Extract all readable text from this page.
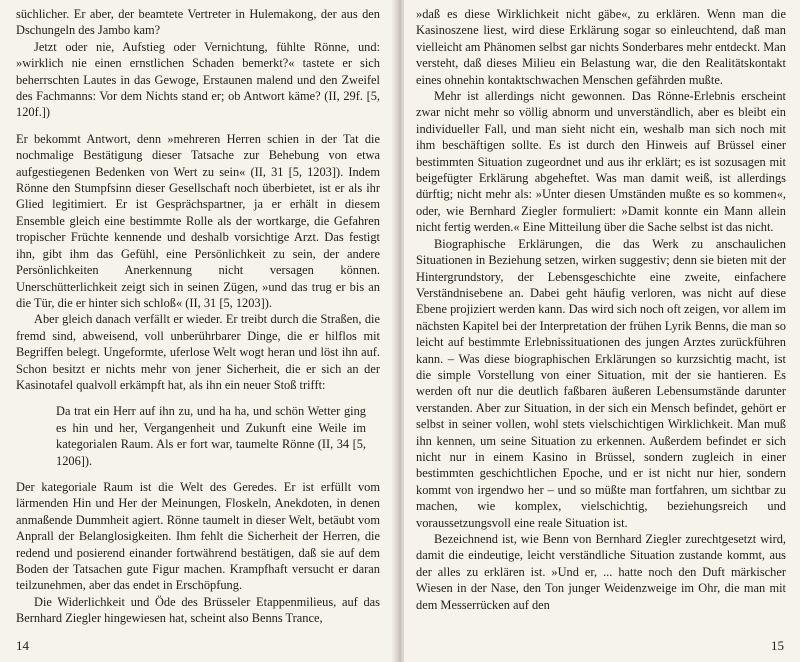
süchlicher. Er aber, der beamtete Vertreter in Hulemakong, der aus den Dschungeln des Jambo kam?

Jetzt oder nie, Aufstieg oder Vernichtung, fühlte Rönne, und: »wirklich nie einen ernstlichen Schaden bemerkt?« tastete er sich beherrschten Lautes in das Gewoge, Erstaunen malend und den Zweifel des Fachmanns: Vor dem Nichts stand er; ob Antwort käme? (II, 29f. [5, 120f.])

Er bekommt Antwort, denn »mehreren Herren schien in der Tat die nochmalige Bestätigung dieser Tatsache zur Behebung von etwa aufgestiegenen Bedenken von Wert zu sein« (II, 31 [5, 1203]). Indem Rönne den Stumpfsinn dieser Gesellschaft noch überbietet, ist er als ihr Glied legitimiert. Er ist Gesprächspartner, ja er erhält in diesem Ensemble gleich eine bestimmte Rolle als der wortkarge, die Gefahren tropischer Früchte kennende und deshalb vorsichtige Arzt. Das festigt ihn, gibt ihm das Gefühl, eine Persönlichkeit zu sein, der andere Persönlichkeiten Anerkennung nicht versagen können. Unerschütterlichkeit zeigt sich in seinen Zügen, »und das trug er bis an die Tür, die er hinter sich schloß« (II, 31 [5, 1203]).

Aber gleich danach verfällt er wieder. Er treibt durch die Straßen, die fremd sind, abweisend, voll unberührbarer Dinge, die er hilflos mit Begriffen belegt. Ungeformte, uferlose Welt wogt heran und löst ihn auf. Schon besitzt er nichts mehr von jener Sicherheit, die er sich an der Kasinotafel qualvoll erkämpft hat, als ihn ein neuer Stoß trifft:

Da trat ein Herr auf ihn zu, und ha ha, und schön Wetter ging es hin und her, Vergangenheit und Zukunft eine Weile im kategorialen Raum. Als er fort war, taumelte Rönne (II, 34 [5, 1206]).

Der kategoriale Raum ist die Welt des Geredes. Er ist erfüllt vom lärmenden Hin und Her der Meinungen, Floskeln, Anekdoten, in denen anmaßende Dummheit agiert. Rönne taumelt in dieser Welt, betäubt vom Anprall der Belanglosigkeiten. Ihm fehlt die Sicherheit der Herren, die redend und posierend einander fortwährend bestätigen, daß sie auf dem Boden der Tatsachen gute Figur machen. Krampfhaft versucht er daran teilzunehmen, aber das endet in Erschöpfung.

Die Widerlichkeit und Öde des Brüsseler Etappenmilieus, auf das Bernhard Ziegler hingewiesen hat, scheint also Benns Trance,

14

»daß es diese Wirklichkeit nicht gäbe«, zu erklären. Wenn man die Kasinoszene liest, wird diese Erklärung sogar so einleuchtend, daß man vielleicht am Phänomen selbst gar nichts Sonderbares mehr entdeckt. Man versteht, daß dieses Milieu ein Belastung war, die den Realitätskontakt eines ohnehin kontaktschwachen Menschen gefährden mußte.

Mehr ist allerdings nicht gewonnen. Das Rönne-Erlebnis erscheint zwar nicht mehr so völlig abnorm und unverständlich, aber es bleibt ein individueller Fall, und man sieht nicht ein, weshalb man sich noch mit ihm beschäftigen sollte. Es ist durch den Hinweis auf Brüssel einer bestimmten Situation zugeordnet und aus ihr erklärt; es ist sozusagen mit beigefügter Erklärung abgeheftet. Was man damit weiß, ist allerdings dürftig; nicht mehr als: »Unter diesen Umständen mußte es so kommen«, oder, wie Bernhard Ziegler formuliert: »Damit konnte ein Mann allein nicht fertig werden.« Eine Mitteilung über die Sache selbst ist das nicht.

Biographische Erklärungen, die das Werk zu anschaulichen Situationen in Beziehung setzen, wirken suggestiv; denn sie bieten mit der Hintergrundstory, der Lebensgeschichte eine zweite, einfachere Verständnisebene an. Dabei geht häufig verloren, was nicht auf diese Ebene projiziert werden kann. Das wird sich noch oft zeigen, vor allem im nächsten Kapitel bei der Interpretation der frühen Lyrik Benns, die man so leicht auf bestimmte Erlebnissituationen des jungen Arztes zurückführen kann. – Was diese biographischen Erklärungen so kurzsichtig macht, ist die simple Vorstellung von einer Situation, mit der sie hantieren. Es werden oft nur die deutlich faßbaren äußeren Lebensumstände darunter verstanden. Aber zur Situation, in der sich ein Mensch befindet, gehört er selbst in seiner vollen, wohl stets vielschichtigen Wirklichkeit. Man muß ihn kennen, um seine Situation zu erkennen. Außerdem befindet er sich nicht nur in einem Kasino in Brüssel, sondern zugleich in einer bestimmten geschichtlichen Epoche, und er ist nicht nur hier, sondern kommt von irgendwo her – und so müßte man fortfahren, um sichtbar zu machen, wie komplex, vielschichtig, beziehungsreich und voraussetzungsvoll eine reale Situation ist.

Bezeichnend ist, wie Benn von Bernhard Ziegler zurechtgesetzt wird, damit die eindeutige, leicht verständliche Situation zustande kommt, aus der alles zu erklären ist. »Und er, ... hatte noch den Duft märkischer Wiesen in der Nase, den Ton junger Weidenzweige im Ohr, die man mit dem Messerrücken auf den

15
